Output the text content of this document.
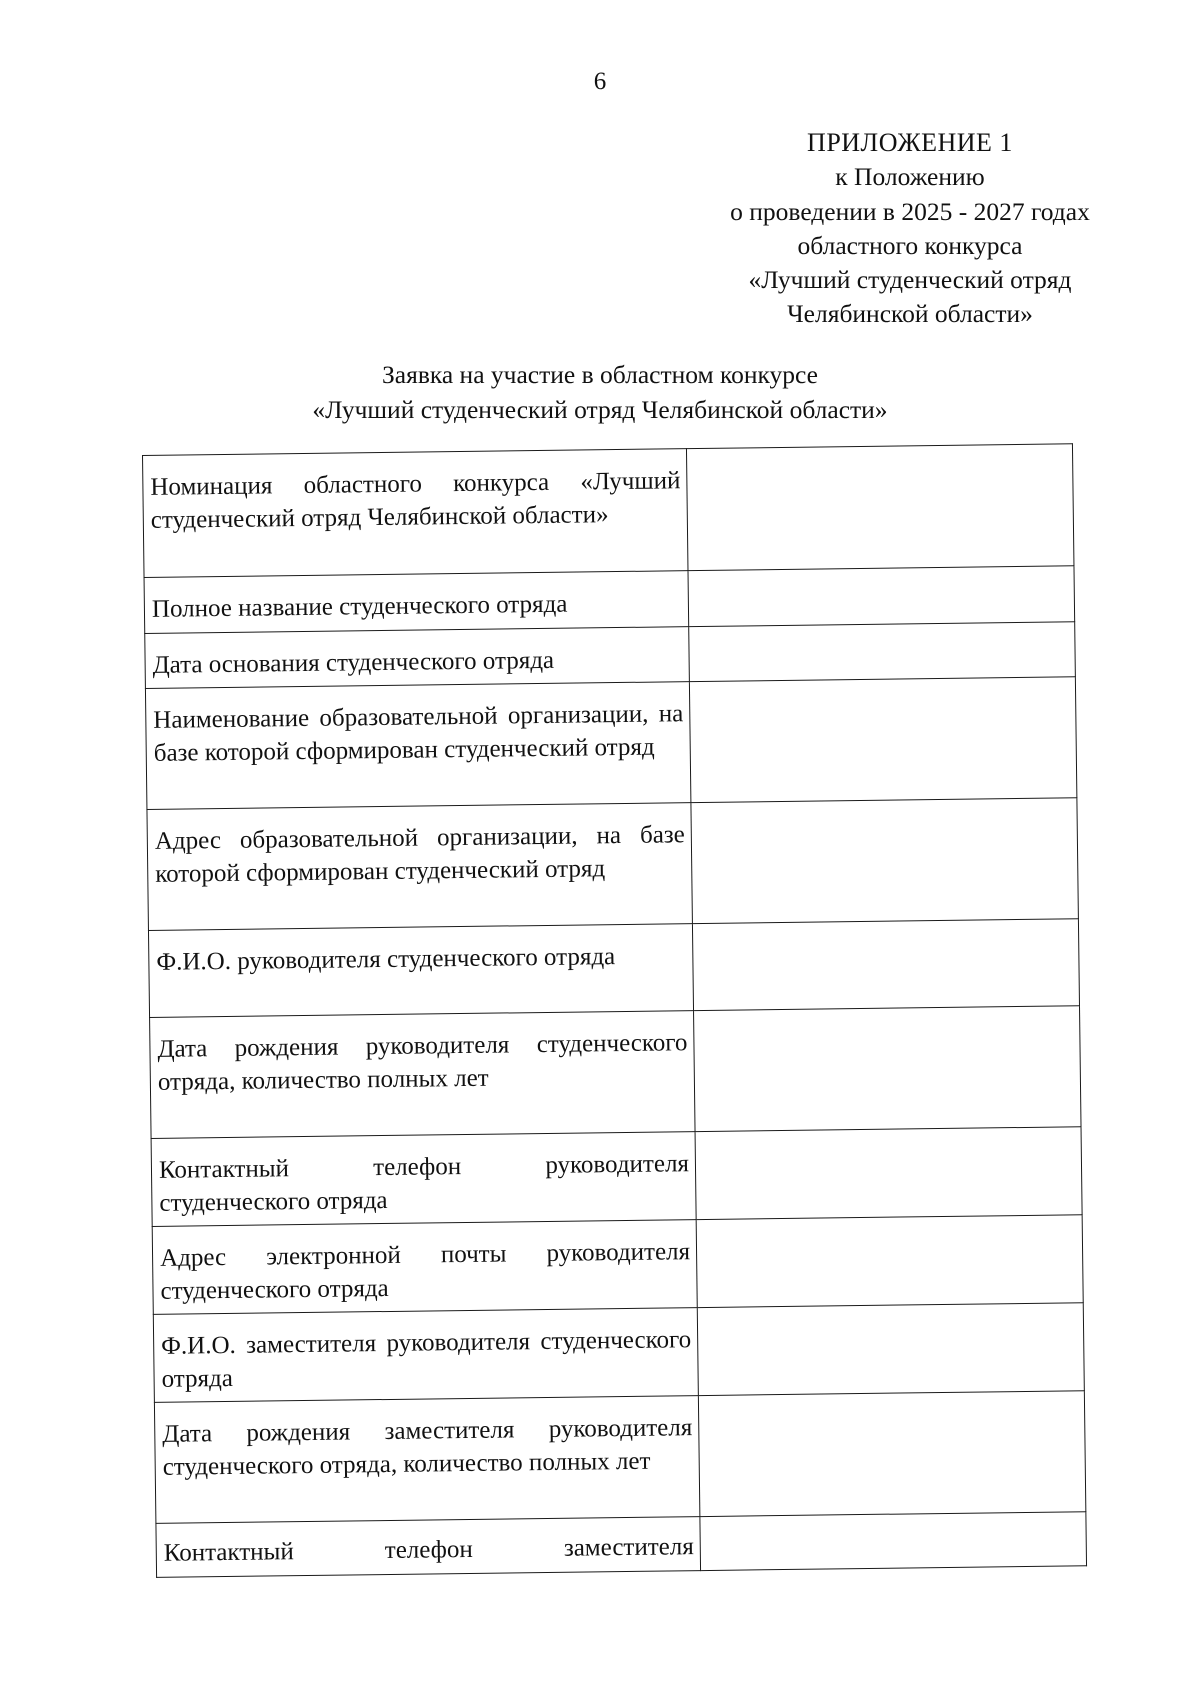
6
ПРИЛОЖЕНИЕ 1
к Положению
о проведении в 2025 - 2027 годах
областного конкурса
«Лучший студенческий отряд
Челябинской области»
Заявка на участие в областном конкурсе
«Лучший студенческий отряд Челябинской области»
Номинация областного конкурса «Лучший студенческий отряд Челябинской области»	
Полное название студенческого отряда	
Дата основания студенческого отряда	
Наименование образовательной организации, на базе которой сформирован студенческий отряд	
Адрес образовательной организации, на базе которой сформирован студенческий отряд	
Ф.И.О. руководителя студенческого отряда	
Дата рождения руководителя студенческого отряда, количество полных лет	
Контактный телефон руководителя студенческого отряда	
Адрес электронной почты руководителя студенческого отряда	
Ф.И.О. заместителя руководителя студенческого отряда	
Дата рождения заместителя руководителя студенческого отряда, количество полных лет	
Контактный телефон заместителя	
